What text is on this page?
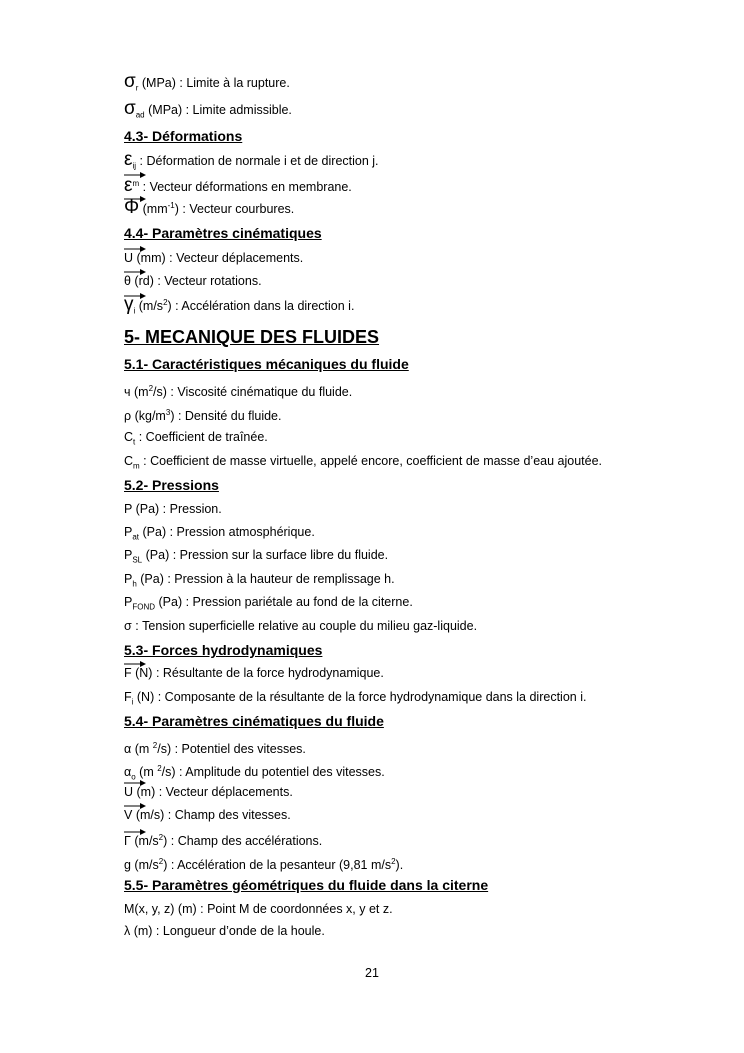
$\sigma_r$ (MPa) : Limite à la rupture.
$\sigma_{ad}$ (MPa) : Limite admissible.
4.3- Déformations
$\varepsilon_{ij}$ : Déformation de normale i et de direction j.
$\varepsilon^m$ : Vecteur déformations en membrane.
Φ $(mm^{-1})$ : Vecteur courbures.
4.4- Paramètres cinématiques
U (mm) : Vecteur déplacements.
θ (rd) : Vecteur rotations.
$\gamma_i$ $(m/s^2)$ : Accélération dans la direction i.
5- MECANIQUE DES FLUIDES
5.1- Caractéristiques mécaniques du fluide
ч $(m^2/s)$ : Viscosité cinématique du fluide.
ρ $(kg/m^3)$ : Densité du fluide.
$C_t$ : Coefficient de traînée.
$C_m$ : Coefficient de masse virtuelle, appelé encore, coefficient de masse d’eau ajoutée.
5.2- Pressions
P (Pa) : Pression.
$P_{at}$ (Pa) : Pression atmosphérique.
$P_{SL}$ (Pa) : Pression sur la surface libre du fluide.
$P_h$ (Pa) : Pression à la hauteur de remplissage h.
$P_{FOND}$ (Pa) : Pression pariétale au fond de la citerne.
σ : Tension superficielle relative au couple du milieu gaz-liquide.
5.3- Forces hydrodynamiques
F (N) : Résultante de la force hydrodynamique.
$F_i$ (N) : Composante de la résultante de la force hydrodynamique dans la direction i.
5.4- Paramètres cinématiques du fluide
α (m $^2$/s) : Potentiel des vitesses.
$\alpha_o$ (m $^2$/s) : Amplitude du potentiel des vitesses.
U (m) : Vecteur déplacements.
V (m/s) : Champ des vitesses.
Γ $(m/s^2)$ : Champ des accélérations.
g $(m/s^2)$ : Accélération de la pesanteur (9,81 $m/s^2$).
5.5- Paramètres géométriques du fluide dans la citerne
M(x, y, z) (m) : Point M de coordonnées x, y et z.
λ (m) : Longueur d’onde de la houle.
21
